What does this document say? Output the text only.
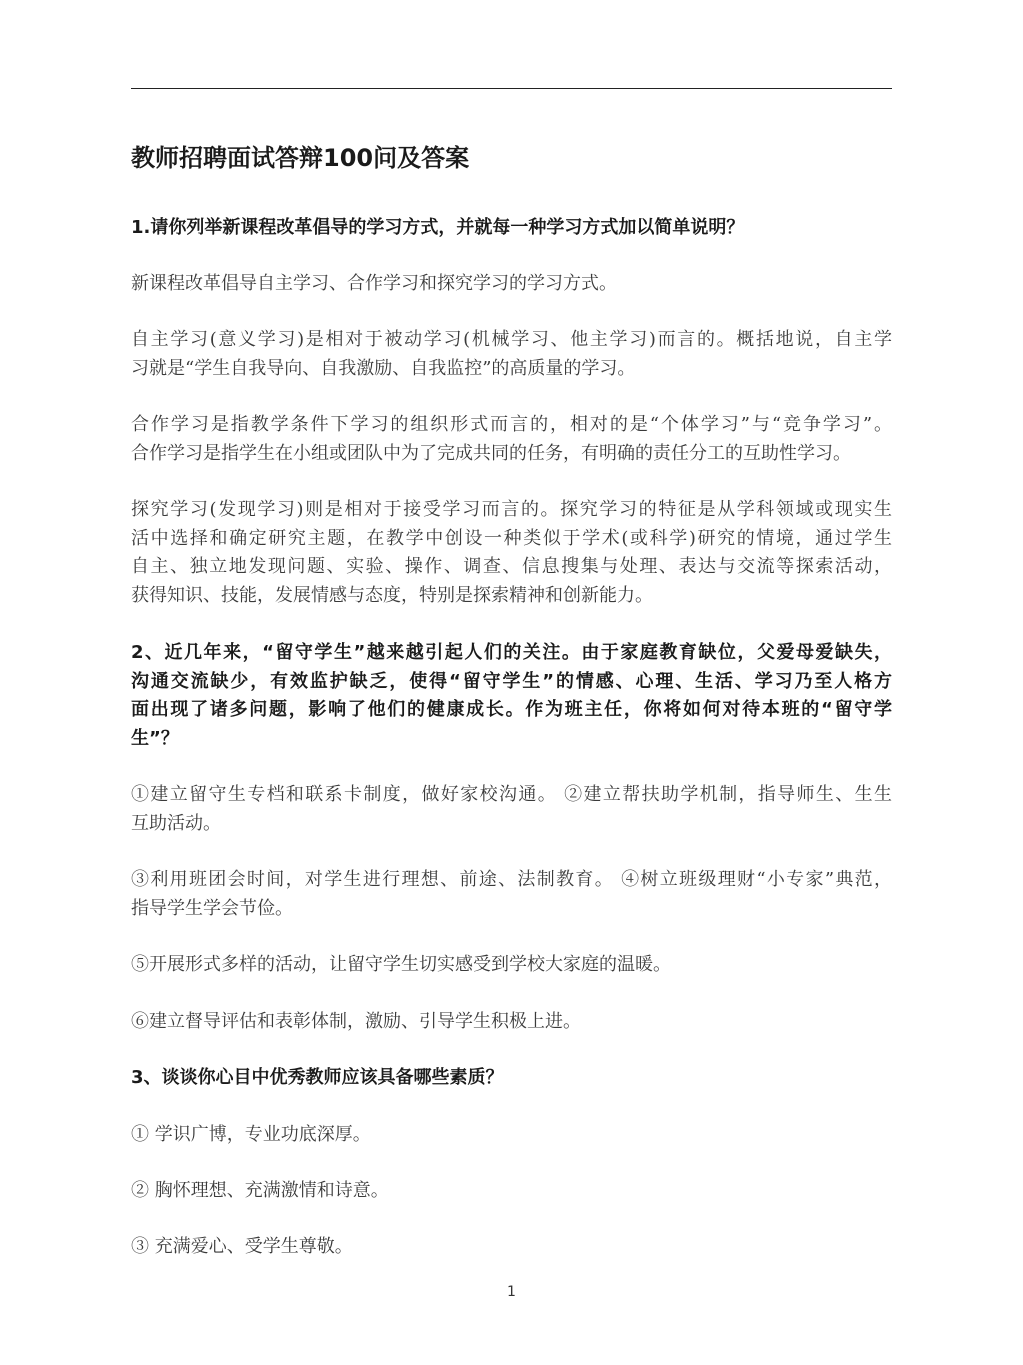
教师招聘面试答辩100问及答案
1.请你列举新课程改革倡导的学习方式，并就每一种学习方式加以简单说明？
新课程改革倡导自主学习、合作学习和探究学习的学习方式。
自主学习(意义学习)是相对于被动学习(机械学习、他主学习)而言的。概括地说，自主学
习就是“学生自我导向、自我激励、自我监控”的高质量的学习。
合作学习是指教学条件下学习的组织形式而言的，相对的是“个体学习”与“竞争学习”。
合作学习是指学生在小组或团队中为了完成共同的任务，有明确的责任分工的互助性学习。
探究学习(发现学习)则是相对于接受学习而言的。探究学习的特征是从学科领域或现实生
活中选择和确定研究主题，在教学中创设一种类似于学术(或科学)研究的情境，通过学生
自主、独立地发现问题、实验、操作、调查、信息搜集与处理、表达与交流等探索活动，
获得知识、技能，发展情感与态度，特别是探索精神和创新能力。
2、近几年来，“留守学生”越来越引起人们的关注。由于家庭教育缺位，父爱母爱缺失，
沟通交流缺少，有效监护缺乏，使得“留守学生”的情感、心理、生活、学习乃至人格方
面出现了诸多问题，影响了他们的健康成长。作为班主任，你将如何对待本班的“留守学
生”？
①建立留守生专档和联系卡制度，做好家校沟通。 ②建立帮扶助学机制，指导师生、生生
互助活动。
③利用班团会时间，对学生进行理想、前途、法制教育。 ④树立班级理财“小专家”典范，
指导学生学会节俭。
⑤开展形式多样的活动，让留守学生切实感受到学校大家庭的温暖。
⑥建立督导评估和表彰体制，激励、引导学生积极上进。
3、谈谈你心目中优秀教师应该具备哪些素质？
① 学识广博，专业功底深厚。
② 胸怀理想、充满激情和诗意。
③ 充满爱心、受学生尊敬。
1
